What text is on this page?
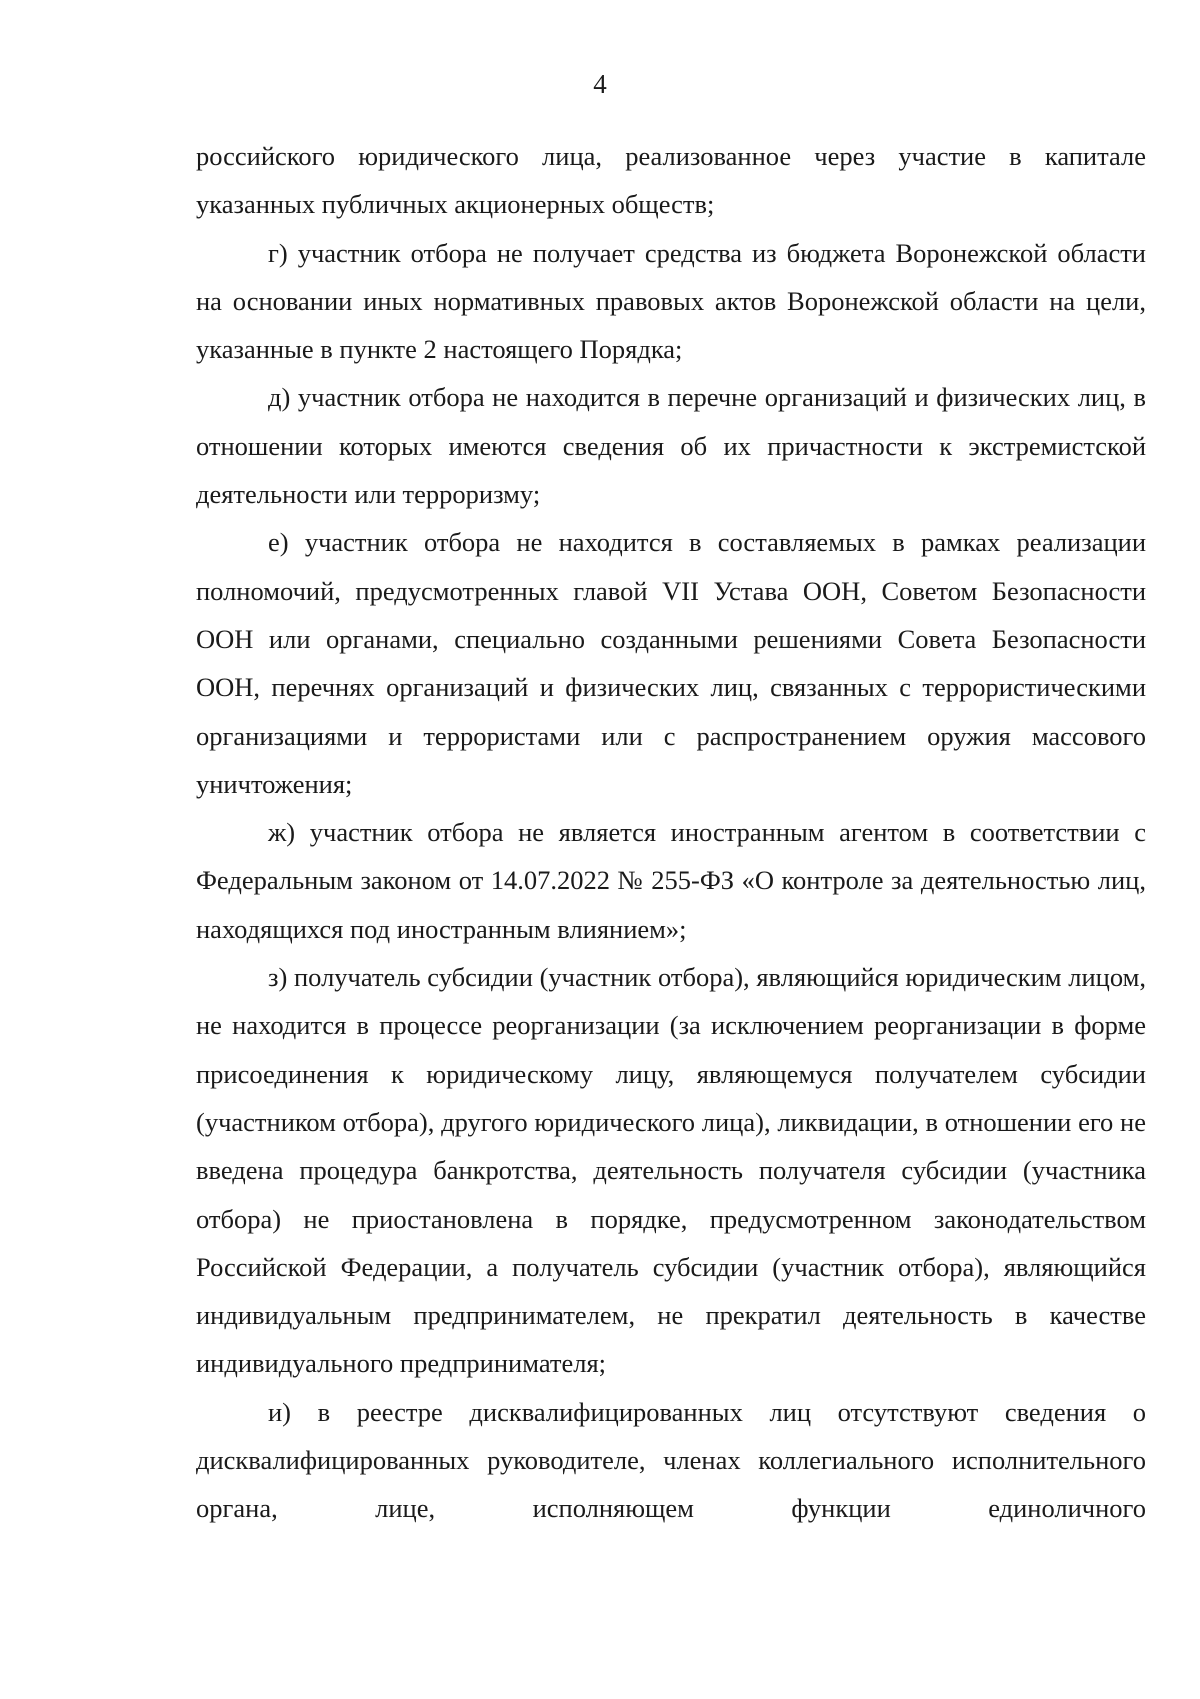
4

российского юридического лица, реализованное через участие в капитале указанных публичных акционерных обществ;

г) участник отбора не получает средства из бюджета Воронежской области на основании иных нормативных правовых актов Воронежской области на цели, указанные в пункте 2 настоящего Порядка;

д) участник отбора не находится в перечне организаций и физических лиц, в отношении которых имеются сведения об их причастности к экстремистской деятельности или терроризму;

е) участник отбора не находится в составляемых в рамках реализации полномочий, предусмотренных главой VII Устава ООН, Советом Безопасности ООН или органами, специально созданными решениями Совета Безопасности ООН, перечнях организаций и физических лиц, связанных с террористическими организациями и террористами или с распространением оружия массового уничтожения;

ж) участник отбора не является иностранным агентом в соответствии с Федеральным законом от 14.07.2022 № 255-ФЗ «О контроле за деятельностью лиц, находящихся под иностранным влиянием»;

з) получатель субсидии (участник отбора), являющийся юридическим лицом, не находится в процессе реорганизации (за исключением реорганизации в форме присоединения к юридическому лицу, являющемуся получателем субсидии (участником отбора), другого юридического лица), ликвидации, в отношении его не введена процедура банкротства, деятельность получателя субсидии (участника отбора) не приостановлена в порядке, предусмотренном законодательством Российской Федерации, а получатель субсидии (участник отбора), являющийся индивидуальным предпринимателем, не прекратил деятельность в качестве индивидуального предпринимателя;

и) в реестре дисквалифицированных лиц отсутствуют сведения о дисквалифицированных руководителе, членах коллегиального исполнительного органа, лице, исполняющем функции единоличного
